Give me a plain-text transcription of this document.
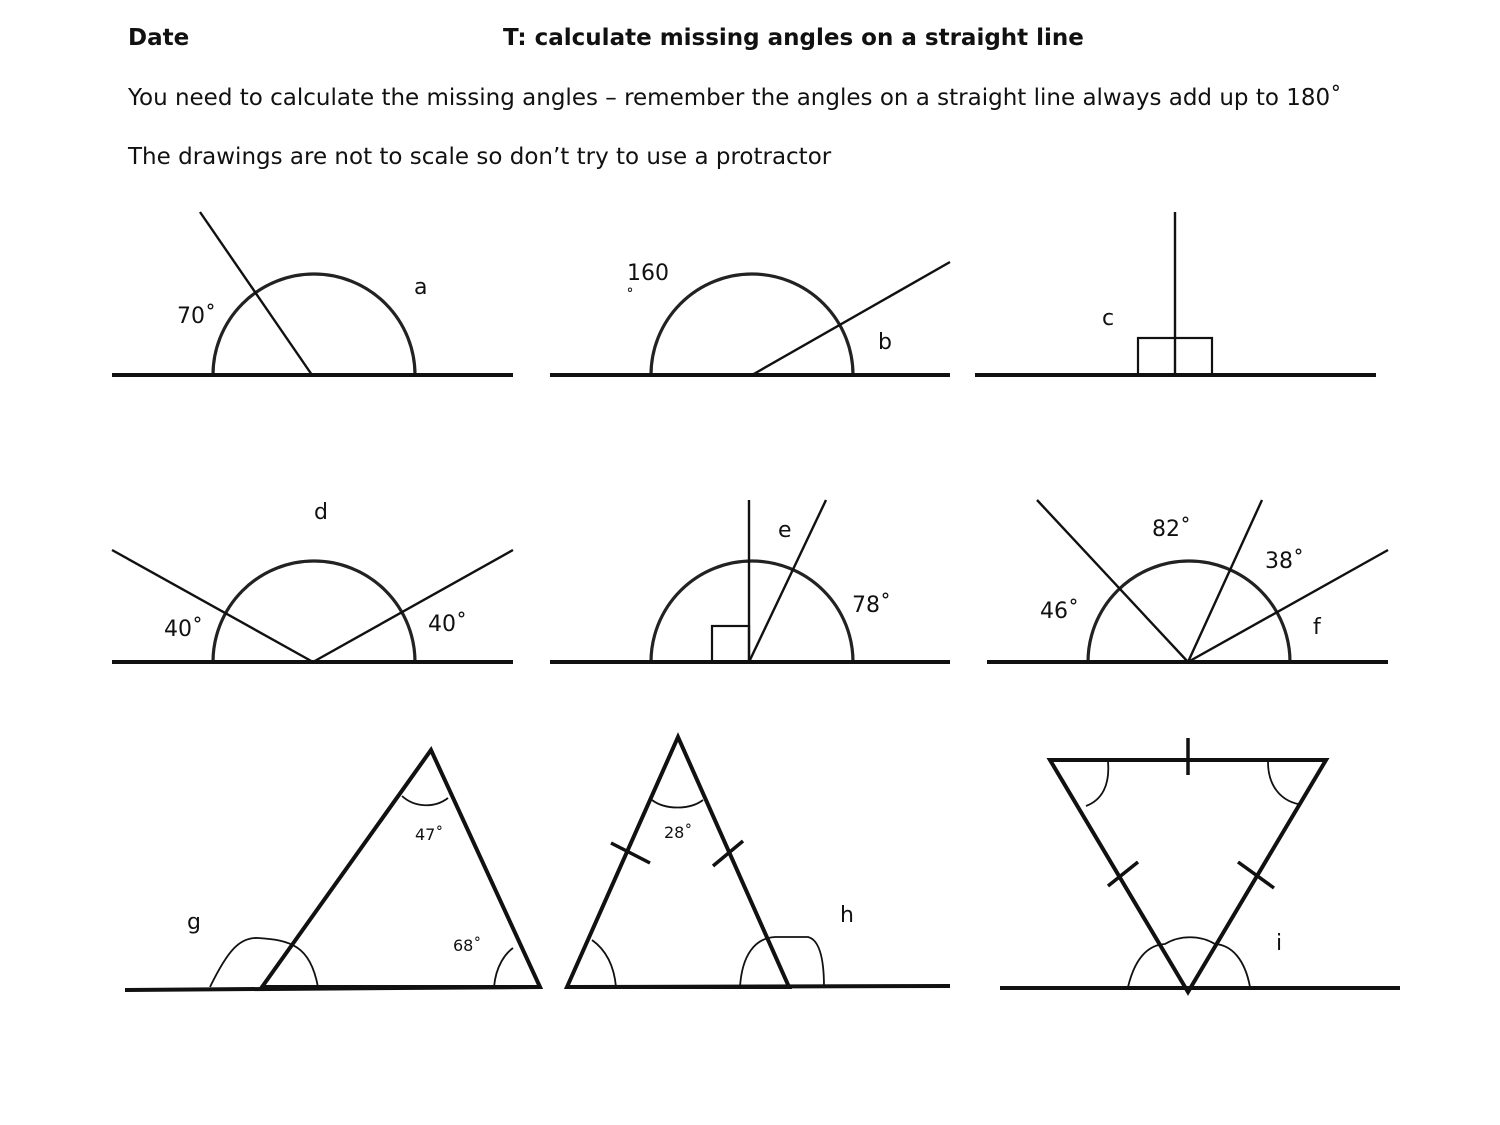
Date	T: calculate missing angles on a straight line
You need to calculate the missing angles – remember the angles on a straight line always add up to 180˚
The drawings are not to scale so don’t try to use a protractor
70˚
a
160
˚
b
c
d
40˚	40˚
e
78˚	46˚
82˚
38˚
f
g
47˚
68˚
28˚
h
i
